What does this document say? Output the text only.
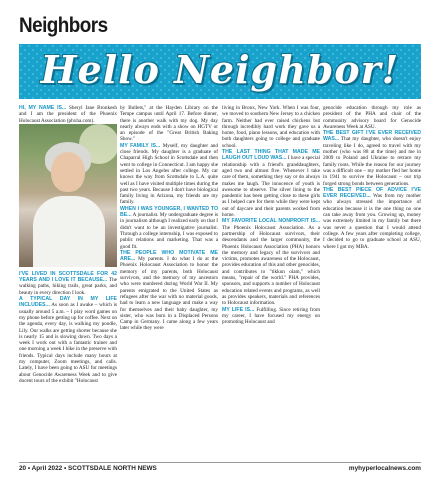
Neighbors
Hello Neighbor!

HI, MY NAME IS... Sheryl Jane Bronkesh and I am the president of the Phoenix Holocaust Association (phxha.com).

I'VE LIVED IN SCOTTSDALE FOR 42 YEARS AND I LOVE IT BECAUSE... The walking paths, hiking trails, great parks, and beauty in every direction I look.

A TYPICAL DAY IN MY LIFE INCLUDES... As soon as I awake – which is usually around 5 a.m. – I play word games on my phone before getting up for coffee. Next on the agenda, every day, is walking my poodle, Lily. Our walks are getting shorter because she is nearly 15 and is slowing down. Two days a week I work out with a fantastic trainer and one morning a week I hike in the preserve with friends. Typical days include many hours at my computer, Zoom meetings, and calls. Lately, I have been going to ASU for meetings about Genocide Awareness Week and to give docent tours of the exhibit "Holocaust

by Bullets," at the Hayden Library on the Tempe campus until April 17. Before dinner, there is another walk with my dog. My day nearly always ends with a show on HGTV or an episode of the "Great British Baking Show."

MY FAMILY IS... Myself, my daughter and close friends. My daughter is a graduate of Chaparral High School in Scottsdale and then went to college in Connecticut. I am happy she settled in Los Angeles after college. My car knows the way from Scottsdale to L.A. quite well as I have visited multiple times during the past two years. Because I don't have biological family living in Arizona, my friends are my family.

WHEN I WAS YOUNGER, I WANTED TO BE... A journalist. My undergraduate degree is in journalism although I realized early on that I didn't want to be an investigative journalist. Through a college internship, I was exposed to public relations and marketing. That was a good fit.

THE PEOPLE WHO MOTIVATE ME ARE... My parents. I do what I do at the Phoenix Holocaust Association to honor the memory of my parents, both Holocaust survivors, and the memory of my ancestors who were murdered during World War II. My parents emigrated to the United States as refugees after the war with no material goods, had to learn a new language and make a way for themselves and their baby daughter, my sister, who was born in a Displaced Persons Camp in Germany. I came along a few years later while they were

living in Bronx, New York. When I was four, we moved to southern New Jersey to a chicken farm. Neither had ever raised chickens but through incredibly hard work they gave us a home, food, piano lessons, and education with both daughters going to college and graduate school.

THE LAST THING THAT MADE ME LAUGH OUT LOUD WAS... I have a special relationship with a friend's granddaughters, aged two and almost five. Whenever I take care of them, something they say or do always makes me laugh. The innocence of youth is awesome to observe. The silver lining to the pandemic has been getting close to these girls as I helped care for them while they were kept out of daycare and their parents worked from home.

MY FAVORITE LOCAL NONPROFIT IS... The Phoenix Holocaust Association. As a partnership of Holocaust survivors, their descendants and the larger community, the Phoenix Holocaust Association (PHA) honors the memory and legacy of the survivors and victims, promotes awareness of the Holocaust, provides education of this and other genocides, and contributes to "tikkun olam," which means, "repair of the world." PHA provides, sponsors, and supports a number of Holocaust education related events and programs, as well as provides speakers, materials and references to Holocaust information.

MY LIFE IS... Fulfilling. Since retiring from my career, I have focused my energy on promoting Holocaust and

genocide education through my role as president of the PHA and chair of the community advisory board for Genocide Awareness Week at ASU.

THE BEST GIFT I'VE EVER RECEIVED WAS... That my daughter, who doesn't enjoy traveling like I do, agreed to travel with my mother (who was 88 at the time) and me in 2009 to Poland and Ukraine to retrace my family roots. While the reason for our journey was a difficult one – my mother fled her home in 1941 to survive the Holocaust – our trip forged strong bonds between generations.

THE BEST PIECE OF ADVICE I'VE EVER RECEIVED... Was from my mother who always stressed the importance of education because it is the one thing no one can take away from you. Growing up, money was extremely limited in my family but there was never a question that I would attend college. A few years after completing college, I decided to go to graduate school at ASU, where I got my MBA.

20 • April 2022 • SCOTTSDALE NORTH NEWS	myhyperlocalnews.com
